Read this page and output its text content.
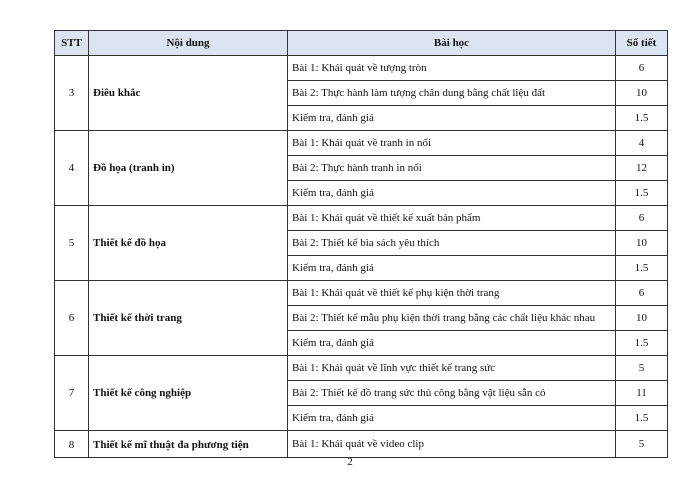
STT	Nội dung	Bài học	Số tiết
3	Điêu khắc	Bài 1: Khái quát về tượng tròn	6
		Bài 2: Thực hành làm tượng chân dung bằng chất liệu đất	10
		Kiểm tra, đánh giá	1.5
4	Đồ họa (tranh in)	Bài 1: Khái quát về tranh in nổi	4
		Bài 2: Thực hành tranh in nổi	12
		Kiểm tra, đánh giá	1.5
5	Thiết kế đồ họa	Bài 1: Khái quát về thiết kế xuất bản phẩm	6
		Bài 2: Thiết kế bìa sách yêu thích	10
		Kiểm tra, đánh giá	1.5
6	Thiết kế thời trang	Bài 1: Khái quát về thiết kế phụ kiện thời trang	6
		Bài 2: Thiết kế mẫu phụ kiện thời trang bằng các chất liệu khác nhau	10
		Kiểm tra, đánh giá	1.5
7	Thiết kế công nghiệp	Bài 1: Khái quát về lĩnh vực thiết kế trang sức	5
		Bài 2: Thiết kế đồ trang sức thủ công bằng vật liệu sẵn có	11
		Kiểm tra, đánh giá	1.5
8	Thiết kế mĩ thuật đa phương tiện	Bài 1: Khái quát về video clip	5
2
